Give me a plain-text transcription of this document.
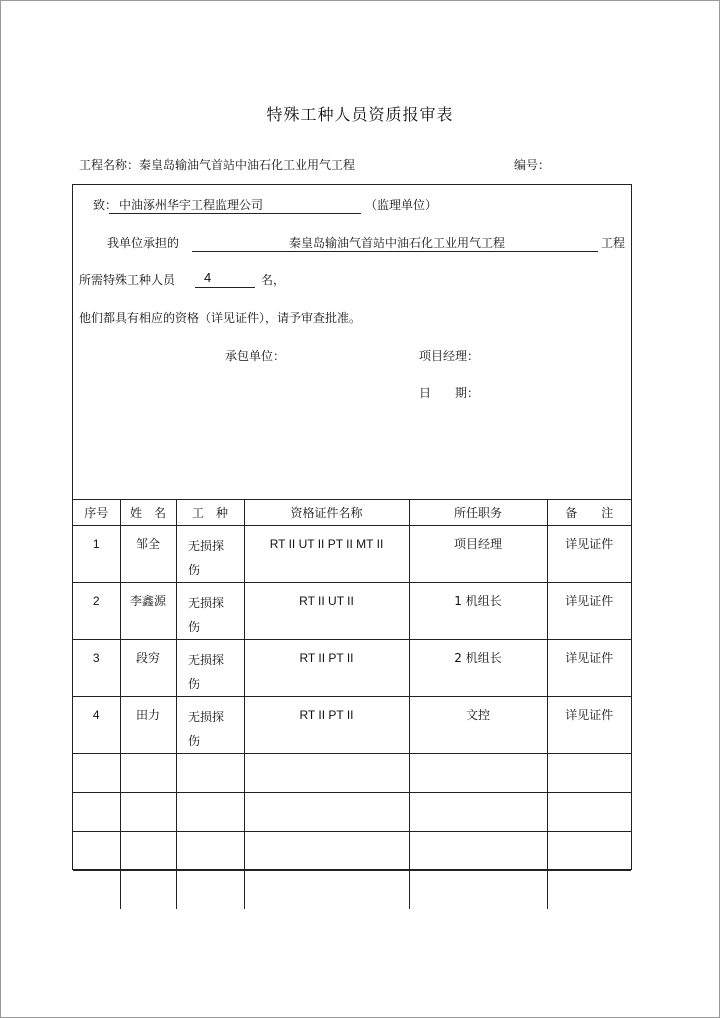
特殊工种人员资质报审表
工程名称：秦皇岛输油气首站中油石化工业用气工程	编号：
致： 中油涿州华宇工程监理公司	（监理单位）
我单位承担的	秦皇岛输油气首站中油石化工业用气工程	工程
所需特殊工种人员 4	名，
他们都具有相应的资格（详见证件），请予审查批准。
承包单位：	项目经理：
日　　期：
序号	姓　名	工　种	资格证件名称	所任职务	备　　注
1	邹全	无损探伤	RT II UT II PT II MT II	项目经理	详见证件
2	李鑫源	无损探伤	RT II UT II	1 机组长	详见证件
3	段穷	无损探伤	RT II PT II	2 机组长	详见证件
4	田力	无损探伤	RT II PT II	文控	详见证件
